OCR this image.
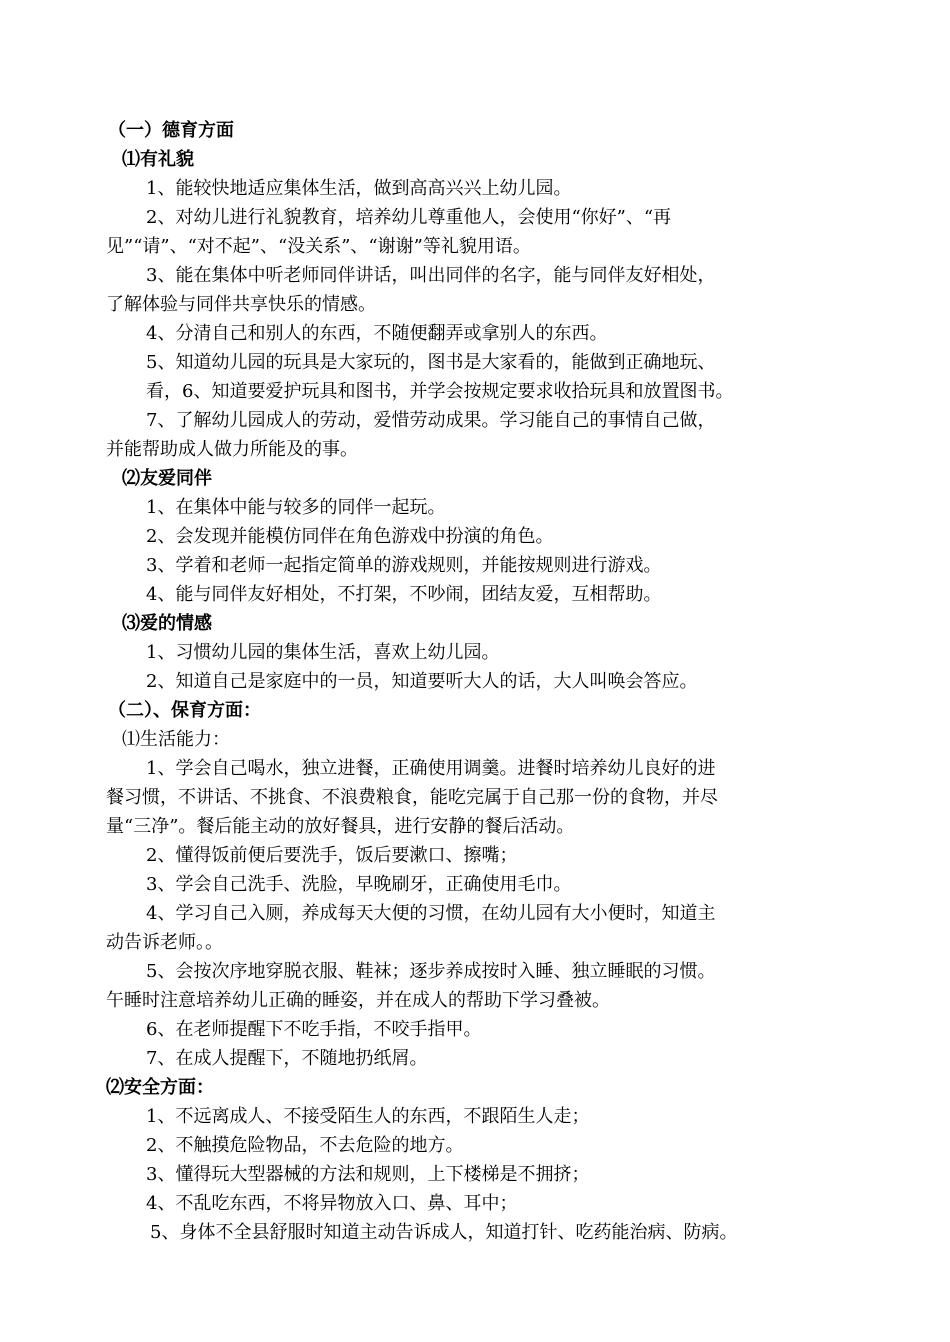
（一）德育方面
⑴有礼貌
1、能较快地适应集体生活，做到高高兴兴上幼儿园。
2、对幼儿进行礼貌教育，培养幼儿尊重他人，会使用“你好”、“再
见”“请”、“对不起”、“没关系”、“谢谢”等礼貌用语。
3、能在集体中听老师同伴讲话，叫出同伴的名字，能与同伴友好相处，
了解体验与同伴共享快乐的情感。
4、分清自己和别人的东西，不随便翻弄或拿别人的东西。
5、知道幼儿园的玩具是大家玩的，图书是大家看的，能做到正确地玩、
看，6、知道要爱护玩具和图书，并学会按规定要求收拾玩具和放置图书。
7、了解幼儿园成人的劳动，爱惜劳动成果。学习能自己的事情自己做，
并能帮助成人做力所能及的事。
⑵友爱同伴
1、在集体中能与较多的同伴一起玩。
2、会发现并能模仿同伴在角色游戏中扮演的角色。
3、学着和老师一起指定简单的游戏规则，并能按规则进行游戏。
4、能与同伴友好相处，不打架，不吵闹，团结友爱，互相帮助。
⑶爱的情感
1、习惯幼儿园的集体生活，喜欢上幼儿园。
2、知道自己是家庭中的一员，知道要听大人的话，大人叫唤会答应。
（二）、保育方面：
⑴生活能力：
1、学会自己喝水，独立进餐，正确使用调羹。进餐时培养幼儿良好的进
餐习惯，不讲话、不挑食、不浪费粮食，能吃完属于自己那一份的食物，并尽
量“三净”。餐后能主动的放好餐具，进行安静的餐后活动。
2、懂得饭前便后要洗手，饭后要漱口、擦嘴；
3、学会自己洗手、洗脸，早晚刷牙，正确使用毛巾。
4、学习自己入厕，养成每天大便的习惯，在幼儿园有大小便时，知道主
动告诉老师。。
5、会按次序地穿脱衣服、鞋袜；逐步养成按时入睡、独立睡眠的习惯。
午睡时注意培养幼儿正确的睡姿，并在成人的帮助下学习叠被。
6、在老师提醒下不吃手指，不咬手指甲。
7、在成人提醒下，不随地扔纸屑。
⑵安全方面：
1、不远离成人、不接受陌生人的东西，不跟陌生人走；
2、不触摸危险物品，不去危险的地方。
3、懂得玩大型器械的方法和规则，上下楼梯是不拥挤；
4、不乱吃东西，不将异物放入口、鼻、耳中；
5、身体不全县舒服时知道主动告诉成人，知道打针、吃药能治病、防病。
